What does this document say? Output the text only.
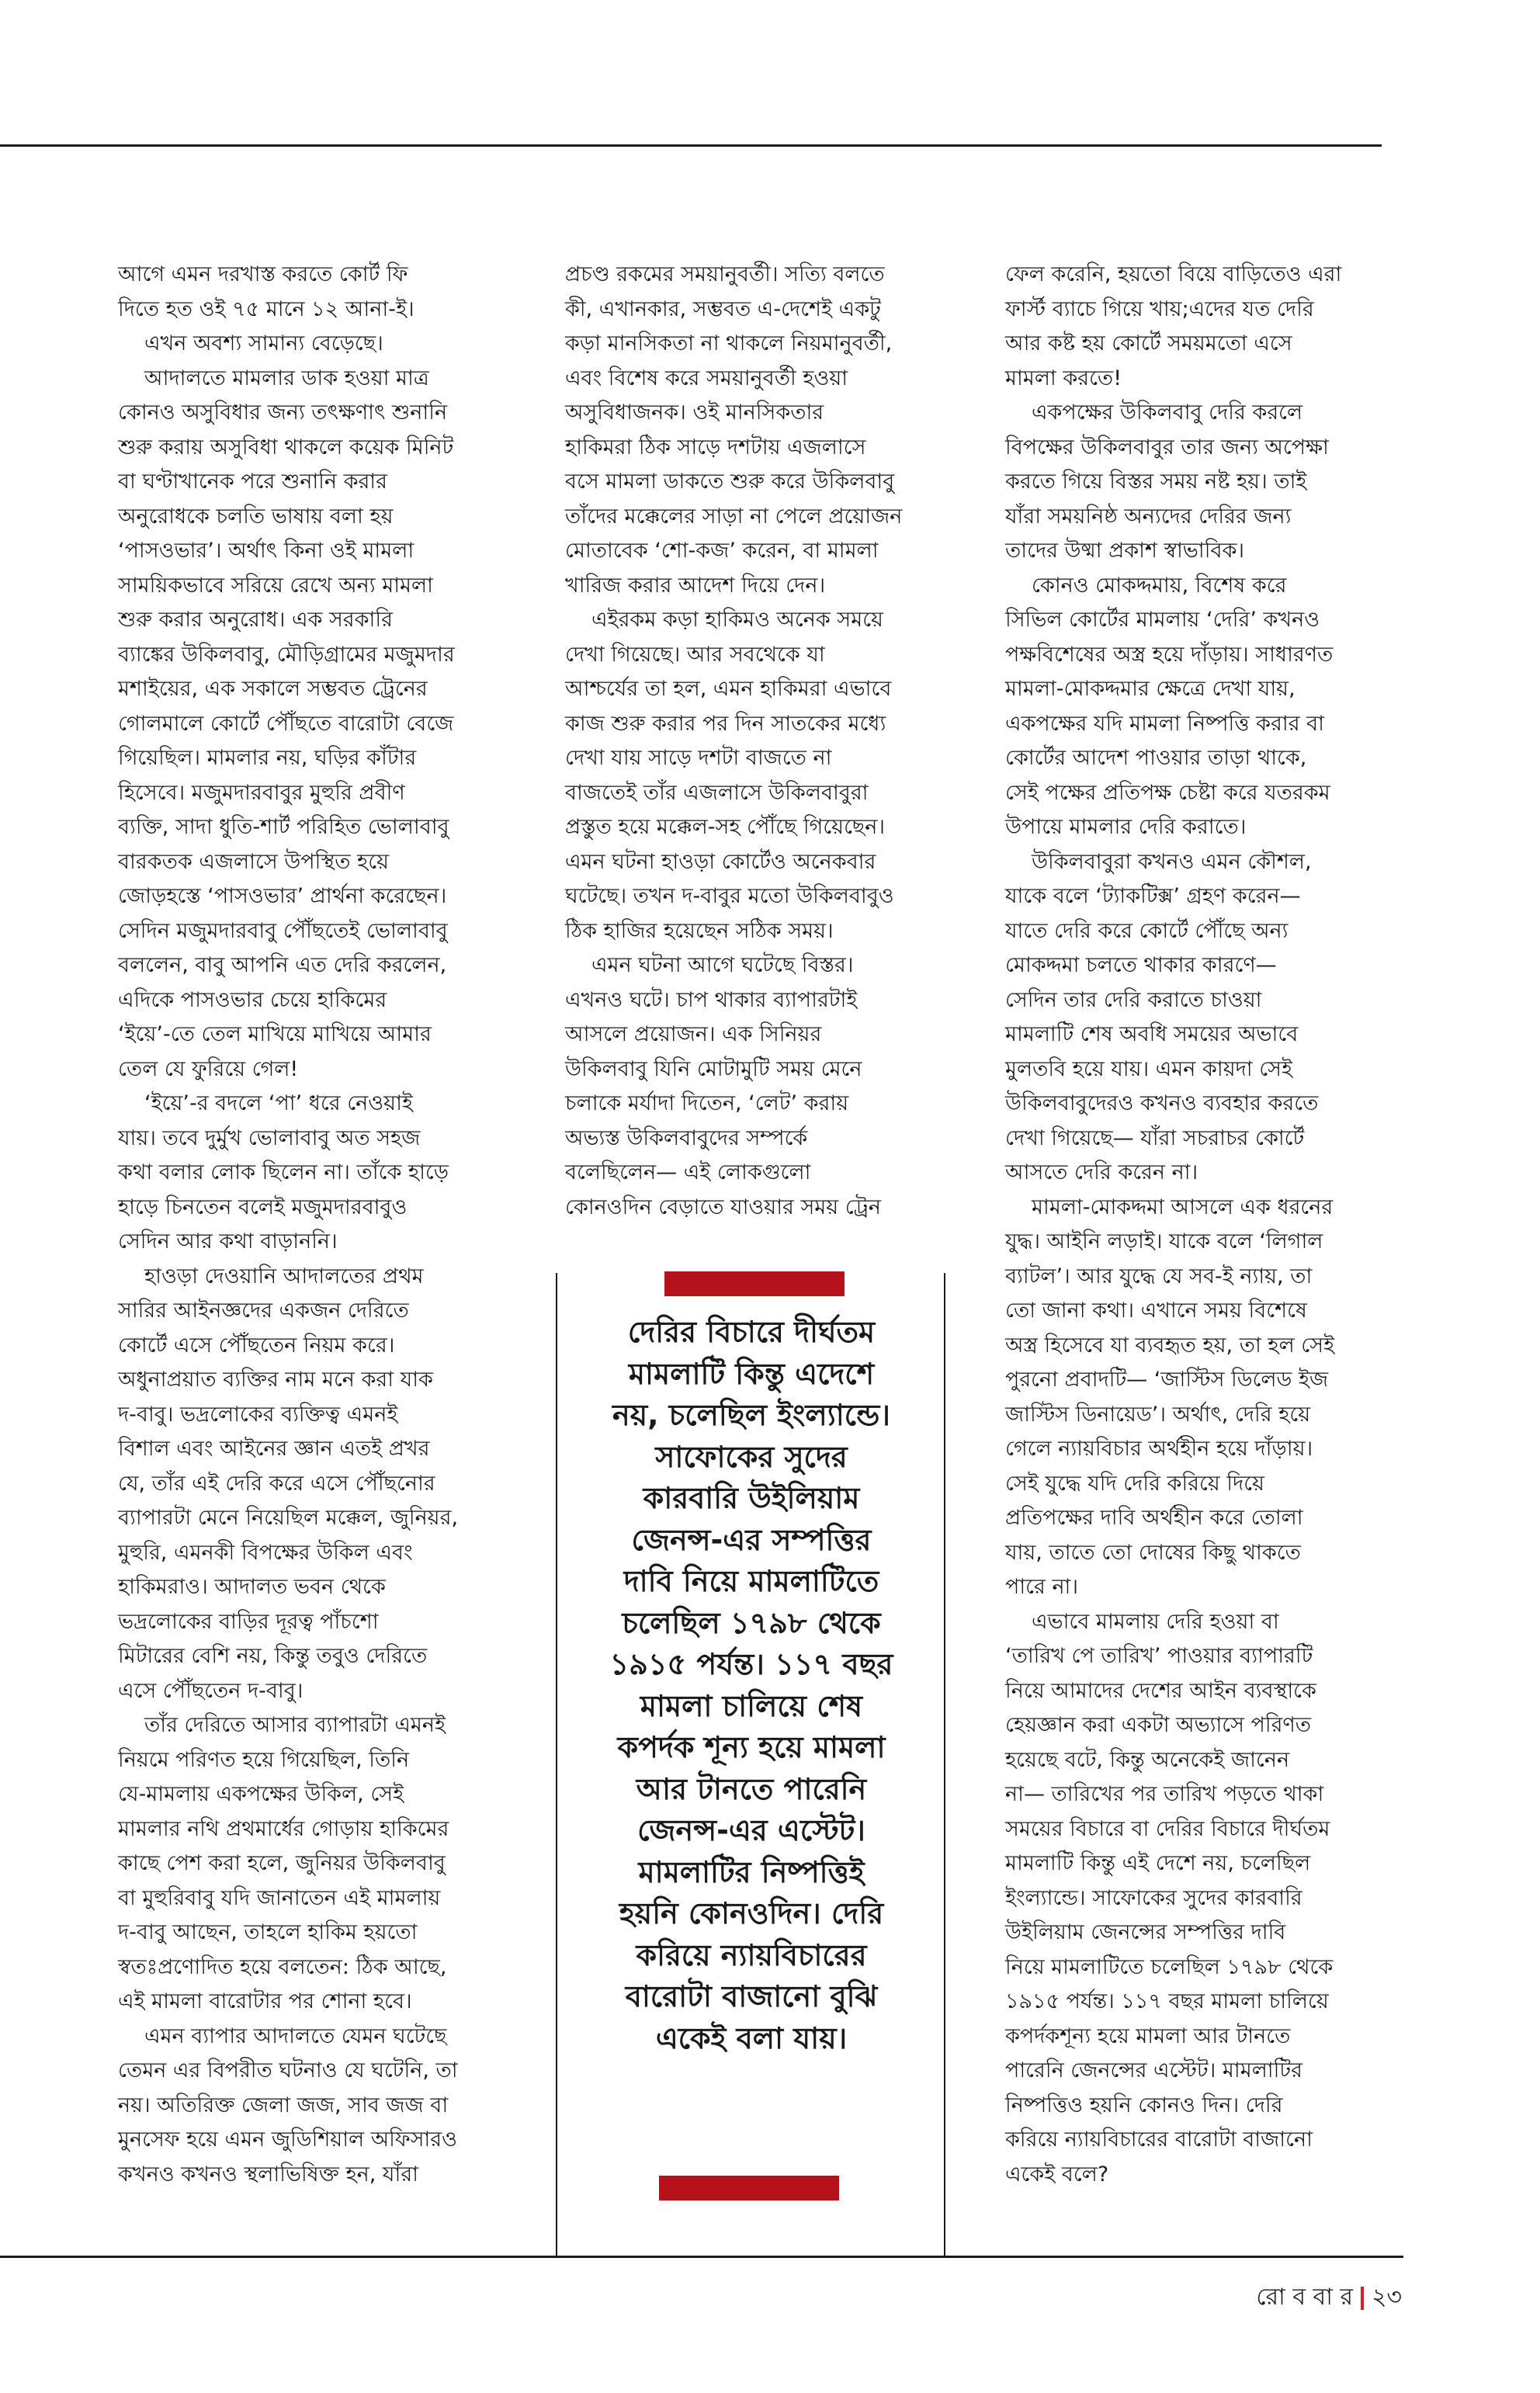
আগে এমন দরখাস্ত করতে কোর্ট ফি
দিতে হত ওই ৭৫ মানে ১২ আনা-ই।
এখন অবশ্য সামান্য বেড়েছে।
আদালতে মামলার ডাক হওয়া মাত্র
কোনও অসুবিধার জন্য তৎক্ষণাৎ শুনানি
শুরু করায় অসুবিধা থাকলে কয়েক মিনিট
বা ঘণ্টাখানেক পরে শুনানি করার
অনুরোধকে চলতি ভাষায় বলা হয়
‘পাসওভার’। অর্থাৎ কিনা ওই মামলা
সাময়িকভাবে সরিয়ে রেখে অন্য মামলা
শুরু করার অনুরোধ। এক সরকারি
ব্যাঙ্কের উকিলবাবু, মৌড়িগ্রামের মজুমদার
মশাইয়ের, এক সকালে সম্ভবত ট্রেনের
গোলমালে কোর্টে পৌঁছতে বারোটা বেজে
গিয়েছিল। মামলার নয়, ঘড়ির কাঁটার
হিসেবে। মজুমদারবাবুর মুহুরি প্রবীণ
ব্যক্তি, সাদা ধুতি-শার্ট পরিহিত ভোলাবাবু
বারকতক এজলাসে উপস্থিত হয়ে
জোড়হস্তে ‘পাসওভার’ প্রার্থনা করেছেন।
সেদিন মজুমদারবাবু পৌঁছতেই ভোলাবাবু
বললেন, বাবু আপনি এত দেরি করলেন,
এদিকে পাসওভার চেয়ে হাকিমের
‘ইয়ে’-তে তেল মাখিয়ে মাখিয়ে আমার
তেল যে ফুরিয়ে গেল!
‘ইয়ে’-র বদলে ‘পা’ ধরে নেওয়াই
যায়। তবে দুর্মুখ ভোলাবাবু অত সহজ
কথা বলার লোক ছিলেন না। তাঁকে হাড়ে
হাড়ে চিনতেন বলেই মজুমদারবাবুও
সেদিন আর কথা বাড়াননি।
হাওড়া দেওয়ানি আদালতের প্রথম
সারির আইনজ্ঞদের একজন দেরিতে
কোর্টে এসে পৌঁছতেন নিয়ম করে।
অধুনাপ্রয়াত ব্যক্তির নাম মনে করা যাক
দ-বাবু। ভদ্রলোকের ব্যক্তিত্ব এমনই
বিশাল এবং আইনের জ্ঞান এতই প্রখর
যে, তাঁর এই দেরি করে এসে পৌঁছনোর
ব্যাপারটা মেনে নিয়েছিল মক্কেল, জুনিয়র,
মুহুরি, এমনকী বিপক্ষের উকিল এবং
হাকিমরাও। আদালত ভবন থেকে
ভদ্রলোকের বাড়ির দূরত্ব পাঁচশো
মিটারের বেশি নয়, কিন্তু তবুও দেরিতে
এসে পৌঁছতেন দ-বাবু।
তাঁর দেরিতে আসার ব্যাপারটা এমনই
নিয়মে পরিণত হয়ে গিয়েছিল, তিনি
যে-মামলায় একপক্ষের উকিল, সেই
মামলার নথি প্রথমার্ধের গোড়ায় হাকিমের
কাছে পেশ করা হলে, জুনিয়র উকিলবাবু
বা মুহুরিবাবু যদি জানাতেন এই মামলায়
দ-বাবু আছেন, তাহলে হাকিম হয়তো
স্বতঃপ্রণোদিত হয়ে বলতেন: ঠিক আছে,
এই মামলা বারোটার পর শোনা হবে।
এমন ব্যাপার আদালতে যেমন ঘটেছে
তেমন এর বিপরীত ঘটনাও যে ঘটেনি, তা
নয়। অতিরিক্ত জেলা জজ, সাব জজ বা
মুনসেফ হয়ে এমন জুডিশিয়াল অফিসারও
কখনও কখনও স্থলাভিষিক্ত হন, যাঁরা
প্রচণ্ড রকমের সময়ানুবর্তী। সত্যি বলতে
কী, এখানকার, সম্ভবত এ-দেশেই একটু
কড়া মানসিকতা না থাকলে নিয়মানুবর্তী,
এবং বিশেষ করে সময়ানুবর্তী হওয়া
অসুবিধাজনক। ওই মানসিকতার
হাকিমরা ঠিক সাড়ে দশটায় এজলাসে
বসে মামলা ডাকতে শুরু করে উকিলবাবু
তাঁদের মক্কেলের সাড়া না পেলে প্রয়োজন
মোতাবেক ‘শো-কজ’ করেন, বা মামলা
খারিজ করার আদেশ দিয়ে দেন।
এইরকম কড়া হাকিমও অনেক সময়ে
দেখা গিয়েছে। আর সবথেকে যা
আশ্চর্যের তা হল, এমন হাকিমরা এভাবে
কাজ শুরু করার পর দিন সাতকের মধ্যে
দেখা যায় সাড়ে দশটা বাজতে না
বাজতেই তাঁর এজলাসে উকিলবাবুরা
প্রস্তুত হয়ে মক্কেল-সহ পৌঁছে গিয়েছেন।
এমন ঘটনা হাওড়া কোর্টেও অনেকবার
ঘটেছে। তখন দ-বাবুর মতো উকিলবাবুও
ঠিক হাজির হয়েছেন সঠিক সময়।
এমন ঘটনা আগে ঘটেছে বিস্তর।
এখনও ঘটে। চাপ থাকার ব্যাপারটাই
আসলে প্রয়োজন। এক সিনিয়র
উকিলবাবু যিনি মোটামুটি সময় মেনে
চলাকে মর্যাদা দিতেন, ‘লেট’ করায়
অভ্যস্ত উকিলবাবুদের সম্পর্কে
বলেছিলেন— এই লোকগুলো
কোনওদিন বেড়াতে যাওয়ার সময় ট্রেন
ফেল করেনি, হয়তো বিয়ে বাড়িতেও এরা
ফার্স্ট ব্যাচে গিয়ে খায়;এদের যত দেরি
আর কষ্ট হয় কোর্টে সময়মতো এসে
মামলা করতে!
একপক্ষের উকিলবাবু দেরি করলে
বিপক্ষের উকিলবাবুর তার জন্য অপেক্ষা
করতে গিয়ে বিস্তর সময় নষ্ট হয়। তাই
যাঁরা সময়নিষ্ঠ অন্যদের দেরির জন্য
তাদের উষ্মা প্রকাশ স্বাভাবিক।
কোনও মোকদ্দমায়, বিশেষ করে
সিভিল কোর্টের মামলায় ‘দেরি’ কখনও
পক্ষবিশেষের অস্ত্র হয়ে দাঁড়ায়। সাধারণত
মামলা-মোকদ্দমার ক্ষেত্রে দেখা যায়,
একপক্ষের যদি মামলা নিষ্পত্তি করার বা
কোর্টের আদেশ পাওয়ার তাড়া থাকে,
সেই পক্ষের প্রতিপক্ষ চেষ্টা করে যতরকম
উপায়ে মামলার দেরি করাতে।
উকিলবাবুরা কখনও এমন কৌশল,
যাকে বলে ‘ট্যাকটিক্স’ গ্রহণ করেন—
যাতে দেরি করে কোর্টে পৌঁছে অন্য
মোকদ্দমা চলতে থাকার কারণে—
সেদিন তার দেরি করাতে চাওয়া
মামলাটি শেষ অবধি সময়ের অভাবে
মুলতবি হয়ে যায়। এমন কায়দা সেই
উকিলবাবুদেরও কখনও ব্যবহার করতে
দেখা গিয়েছে— যাঁরা সচরাচর কোর্টে
আসতে দেরি করেন না।
মামলা-মোকদ্দমা আসলে এক ধরনের
যুদ্ধ। আইনি লড়াই। যাকে বলে ‘লিগাল
ব্যাটল’। আর যুদ্ধে যে সব-ই ন্যায়, তা
তো জানা কথা। এখানে সময় বিশেষে
অস্ত্র হিসেবে যা ব্যবহৃত হয়, তা হল সেই
পুরনো প্রবাদটি— ‘জাস্টিস ডিলেড ইজ
জাস্টিস ডিনায়েড’। অর্থাৎ, দেরি হয়ে
গেলে ন্যায়বিচার অর্থহীন হয়ে দাঁড়ায়।
সেই যুদ্ধে যদি দেরি করিয়ে দিয়ে
প্রতিপক্ষের দাবি অর্থহীন করে তোলা
যায়, তাতে তো দোষের কিছু থাকতে
পারে না।
এভাবে মামলায় দেরি হওয়া বা
‘তারিখ পে তারিখ’ পাওয়ার ব্যাপারটি
নিয়ে আমাদের দেশের আইন ব্যবস্থাকে
হেয়জ্ঞান করা একটা অভ্যাসে পরিণত
হয়েছে বটে, কিন্তু অনেকেই জানেন
না— তারিখের পর তারিখ পড়তে থাকা
সময়ের বিচারে বা দেরির বিচারে দীর্ঘতম
মামলাটি কিন্তু এই দেশে নয়, চলেছিল
ইংল্যান্ডে। সাফোকের সুদের কারবারি
উইলিয়াম জেনন্সের সম্পত্তির দাবি
নিয়ে মামলাটিতে চলেছিল ১৭৯৮ থেকে
১৯১৫ পর্যন্ত। ১১৭ বছর মামলা চালিয়ে
কপর্দকশূন্য হয়ে মামলা আর টানতে
পারেনি জেনন্সের এস্টেট। মামলাটির
নিষ্পত্তিও হয়নি কোনও দিন। দেরি
করিয়ে ন্যায়বিচারের বারোটা বাজানো
একেই বলে?
দেরির বিচারে দীর্ঘতম
মামলাটি কিন্তু এদেশে
নয়, চলেছিল ইংল্যান্ডে।
সাফোকের সুদের
কারবারি উইলিয়াম
জেনন্স-এর সম্পত্তির
দাবি নিয়ে মামলাটিতে
চলেছিল ১৭৯৮ থেকে
১৯১৫ পর্যন্ত। ১১৭ বছর
মামলা চালিয়ে শেষ
কপর্দক শূন্য হয়ে মামলা
আর টানতে পারেনি
জেনন্স-এর এস্টেট।
মামলাটির নিষ্পত্তিই
হয়নি কোনওদিন। দেরি
করিয়ে ন্যায়বিচারের
বারোটা বাজানো বুঝি
একেই বলা যায়।
রো ব বা র ২৩
